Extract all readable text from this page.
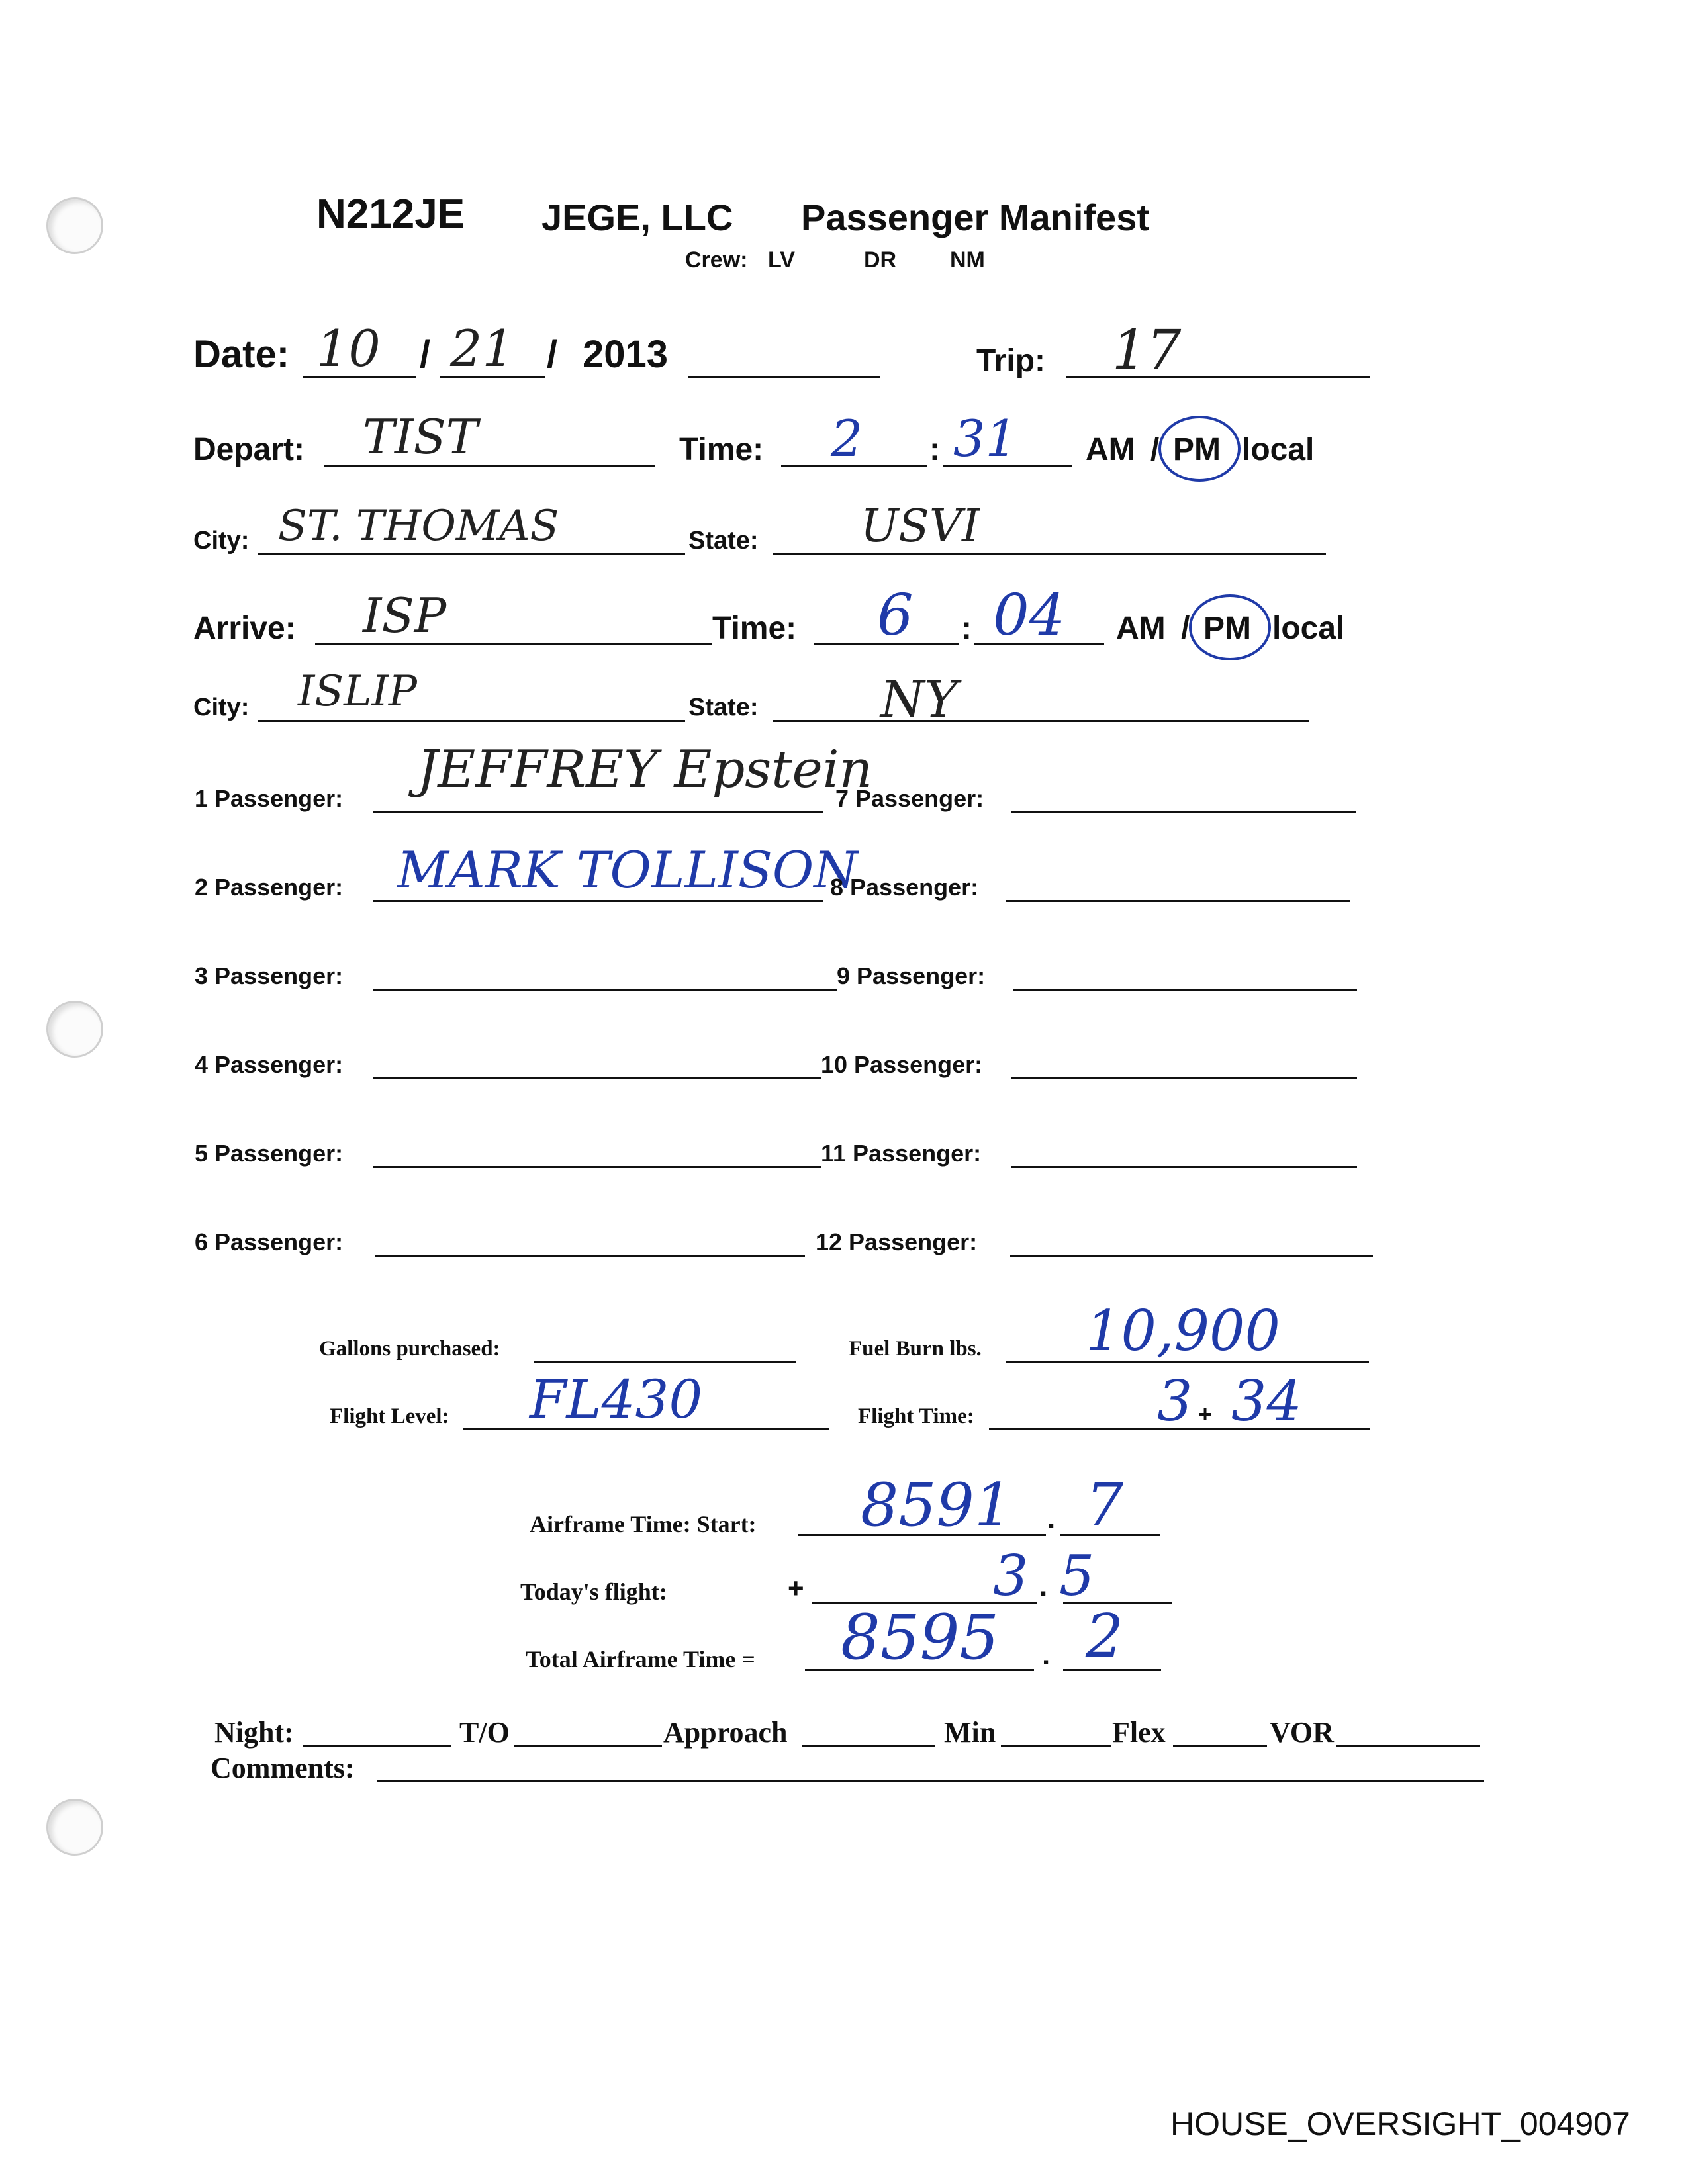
N212JE JEGE, LLC Passenger Manifest
Crew: LV	DR NM
Date: 10 / 21 / 2013	Trip: 17
Depart: TIST	Time: 2 : 31 AM / PM local
City: ST. THOMAS	State: USVI
Arrive: ISP	Time: 6 : 04 AM / PM local
City: ISLIP	State: NY
1 Passenger: JEFFREY Epstein
2 Passenger: MARK TOLLISON
3 Passenger:
4 Passenger:
5 Passenger:
6 Passenger:
7 Passenger:
8 Passenger:
9 Passenger:
10 Passenger:
11 Passenger:
12 Passenger:
Gallons purchased:	Fuel Burn lbs. 10,900
Flight Level: FL430	Flight Time:	3 + 34
Airframe Time: Start: 8591 . 7
Today's flight:	+	3 . 5
Total Airframe Time = 8595 . 2
Night:	T/O	Approach	Min	Flex	VOR
Comments:
HOUSE_OVERSIGHT_004907
